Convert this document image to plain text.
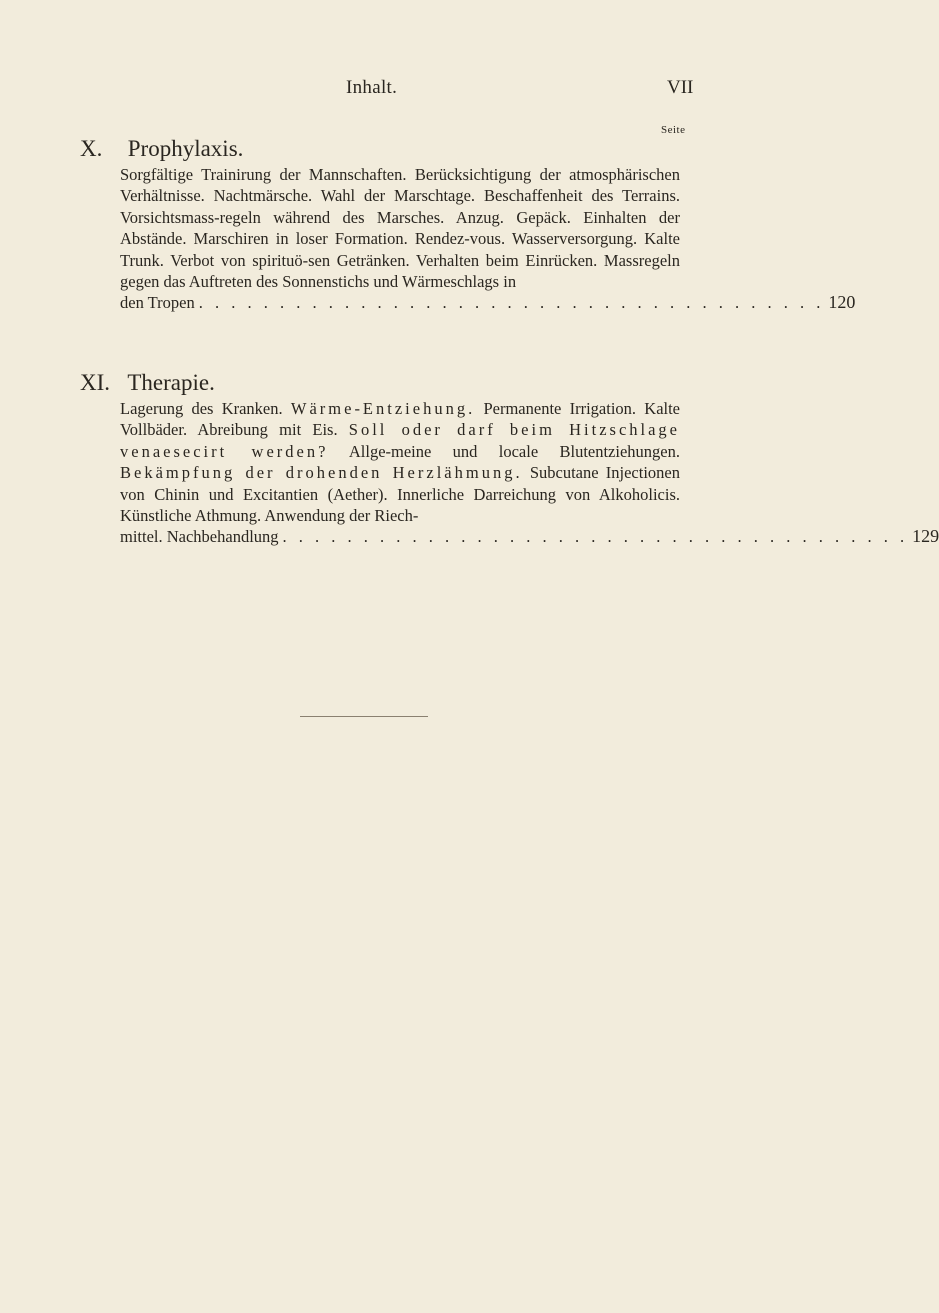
Inhalt.	VII
Seite
X. Prophylaxis.
Sorgfältige Trainirung der Mannschaften. Berücksichtigung der atmosphärischen Verhältnisse. Nachtmärsche. Wahl der Marschtage. Beschaffenheit des Terrains. Vorsichtsmass-regeln während des Marsches. Anzug. Gepäck. Einhalten der Abstände. Marschiren in loser Formation. Rendez-vous. Wasserversorgung. Kalte Trunk. Verbot von spirituö-sen Getränken. Verhalten beim Einrücken. Massregeln gegen das Auftreten des Sonnenstichs und Wärmeschlags in
den Tropen . . . . . . . . . . . . . . . . . . . . . . . . . . . . . . . . . . . . . . . 120
XI. Therapie.
Lagerung des Kranken. Wärme-Entziehung. Permanente Irrigation. Kalte Vollbäder. Abreibung mit Eis. Soll oder darf beim Hitzschlage venaesecirt werden? Allge-meine und locale Blutentziehungen. Bekämpfung der drohenden Herzlähmung. Subcutane Injectionen von Chinin und Excitantien (Aether). Innerliche Darreichung von Alkoholicis. Künstliche Athmung. Anwendung der Riech-
mittel. Nachbehandlung . . . . . . . . . . . . . . . . . . . . . . . . . . . . . . . . . . . . . . . 129
